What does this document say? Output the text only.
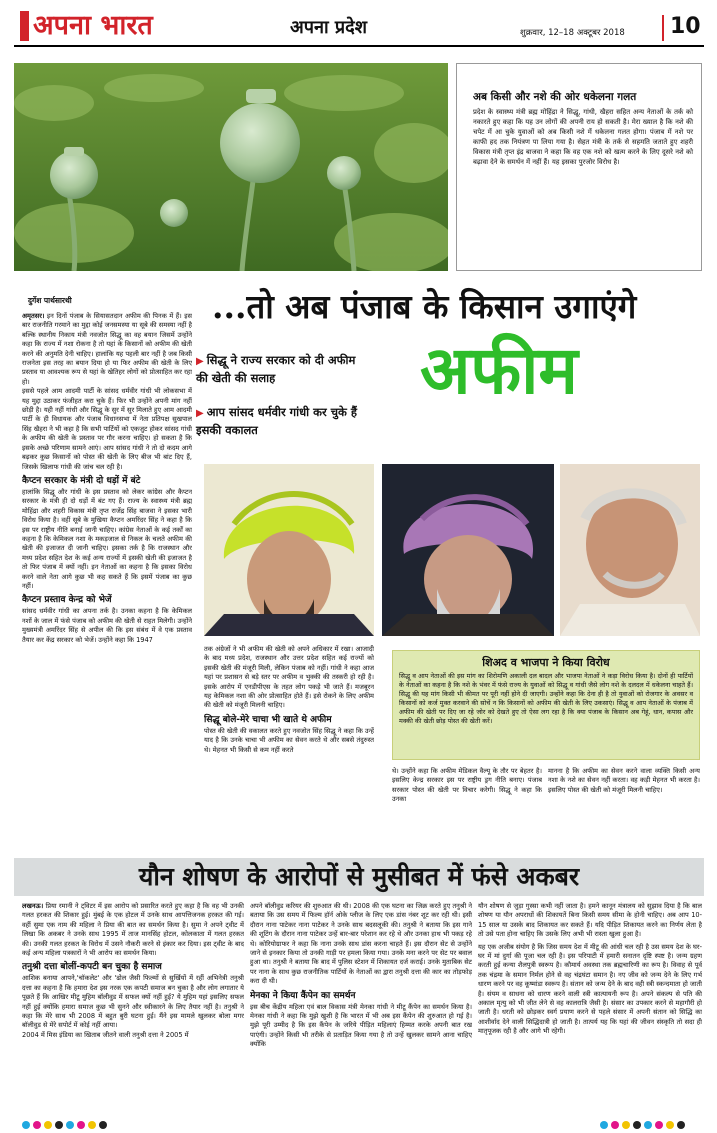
अपना भारत	अपना प्रदेश	शुक्रवार, 12–18 अक्टूबर 2018 10
अब किसी और नशे की ओर धकेलना गलत

प्रदेश के स्वास्थ्य मंत्री ब्रह्म मोहिंद्रा ने सिद्धू, गांधी, खैहरा सहित अन्य नेताओं के तर्क को नकारते हुए कहा कि यह उन लोगों की अपनी राय हो सकती है। मेरा ख्याल है कि नशे की चपेट में आ चुके युवाओं को अब किसी नशे में धकेलना गलत होगा। पंजाब में नशे पर काफी हद तक नियंत्रण पा लिया गया है। सेहत मंत्री के तर्क से सहमति जताते हुए शहरी विकास मंत्री तृप्त इंद्र बाजवा ने कहा कि वह एक नशे को खत्म करने के लिए दूसरे नशे को बढ़ावा देने के समर्थन में नहीं हैं। यह इसका पुरजोर विरोध है।

दुर्गेश पार्थसारथी	...तो अब पंजाब के किसान उगाएंगे
▶ सिद्धू ने राज्य सरकार को दी अफीम की खेती की सलाह
▶ आप सांसद धर्मवीर गांधी कर चुके हैं इसकी वकालत
अफीम

अमृतसर। इन दिनों पंजाब के सियासतदान अफीम की पिनक में हैं। इस बार राजनीति गरमाने का मुद्दा कोई जनसमस्या या सूबे की समस्या नहीं है बल्कि स्थानीय निकाय मंत्री नवजोत सिद्धू का वह बयान जिसमें उन्होंने कहा कि राज्य में नशा रोकना है तो यहां के किसानों को अफीम की खेती करने की अनुमति देनी चाहिए। हालांकि यह पहली बार नहीं है जब किसी राजनेता इस तरह का बयान दिया हो या फिर अफीम की खेती के लिए प्रस्ताव या आवश्यक रूप से यहां के खेतिहर लोगों को प्रोत्साहित कर रहा हो।

इससे पहले आम आदमी पार्टी के सांसद धर्मवीर गांधी भी लोकसभा में यह मुद्दा उठाकर फंजीहत करा चुके हैं। फिर भी उन्होंने अपनी मांग नहीं छोड़ी है। यही नहीं गांधी और सिद्धू के सुर में सुर मिलाते हुए आम आदमी पार्टी के ही विधायक और पंजाब विधानसभा में नेता प्रतिपक्ष सुखपाल सिंह खैहरा ने भी कहा है कि सभी पार्टियों को एकजुट होकर सांसद गांधी के अफीम की खेती के प्रस्ताव पर गौर करना चाहिए। हो सकता है कि इसके अच्छे परिणाम सामने आएं। आप सांसद गांधी ने तो दो कदम आगे बढ़कर कुछ किसानों को पोस्त की खेती के लिए बीज भी बांट दिए हैं, जिसके खिलाफ गांधी की जांच चल रही है।

कैप्टन सरकार के मंत्री दो धड़ों में बंटे

हालांकि सिद्धू और गांधी के इस प्रस्ताव को लेकर कांग्रेस और कैप्टन सरकार के मंत्री ही दो धड़ों में बंट गए हैं। राज्य के स्वास्थ्य मंत्री ब्रह्म मोहिंद्रा और शहरी विकास मंत्री तृप्त राजेंद्र सिंह बाजवा ने इसका भारी विरोध किया है। वहीं सूबे के मुखिया कैप्टन अमरिंदर सिंह ने कहा है कि इस पर राष्ट्रीय नीति बनाई जानी चाहिए। कांग्रेस नेताओं के कई तर्कों का कहना है कि केमिकल नशा के मकड़जाल से निकल के चलते अफीम की खेती की इजाजत दी जानी चाहिए। इसका तर्क है कि राजस्थान और मध्य प्रदेश सहित देश के कई अन्य राज्यों में इसकी खेती की इजाजत है तो फिर पंजाब में क्यों नहीं। इन नेताओं का कहना है कि इसका विरोध करने वाले नेता आगे कुछ भी कह सकते हैं कि इसमें पंजाब का कुछ नहीं।

कैप्टन प्रस्ताव केन्द्र को भेजें

सांसद धर्मवीर गांधी का अपना तर्क है। उनका कहना है कि केमिकल नशों के जाल में फंसे पंजाब को अफीम की खेती से राहत मिलेगी। उन्होंने मुख्यमंत्री अमरिंदर सिंह से अपील की कि इस संबंध में वे एक प्रस्ताव तैयार कर केंद्र सरकार को भेजें। उन्होंने कहा कि 1947

तक अंग्रेजों ने भी अफीम की खेती को अपने अधिकार में रखा। आजादी के बाद मध्य प्रदेश, राजस्थान और उत्तर प्रदेश सहित कई राज्यों को इसकी खेती की मंजूरी मिली, लेकिन पंजाब को नहीं। गांधी ने कहा आज यहां पर प्रशासन से बड़े स्तर पर अफीम व भुक्की की तस्करी हो रही है। इसके आरोप में एनडीपीएस के तहत लोग पकड़े भी जाते हैं। मजबूरन यह केमिकल नशा की ओर प्रोत्साहित होते हैं। इसे रोकने के लिए अफीम की खेती को मंजूरी मिलनी चाहिए।

सिद्धू बोले-मेरे चाचा भी खाते थे अफीम

पोस्त की खेती की वकालत करते हुए नवजोत सिंह सिद्धू ने कहा कि उन्हें याद है कि उनके चाचा भी अफीम का सेवन करते थे और सबसे तंदुरुस्त थे। मेहनत भी किसी से कम नहीं करते

शिअद व भाजपा ने किया विरोध

सिद्धू व आप नेताओं की इस मांग का शिरोमणि अकाली दल बादल और भाजपा नेताओं ने कड़ा विरोध किया है। दोनों ही पार्टियों के नेताओं का कहना है कि नशे के भंवर में फंसे राज्य के युवाओं को सिद्धू व गांधी जैसे लोग नशे के दलदल में धकेलना चाहते हैं। सिद्धू की यह मांग किसी भी कीमत पर पूरी नहीं होने दी जाएगी। उन्होंने कहा कि देना ही है तो युवाओं को रोजगार के अवसर व किसानों को कर्ज मुक्त करवाने की सोचें न कि किसानों को अफीम की खेती के लिए उकसाएं। सिद्धू व आप नेताओं के पंजाब में अफीम की खेती पर दिए जा रहे जोर को देखते हुए तो ऐसा लग रहा है कि क्या पंजाब के किसान अब गेहूं, धान, कपास और मक्की की खेती छोड़ पोस्त की खेती करें।

थे। उन्होंने कहा कि अफीम मेडिकल वैल्यू के तौर पर बेहतर है। इसलिए केन्द्र सरकार इस पर राष्ट्रीय ड्रग नीति बनाए। पंजाब सरकार पोस्त की खेती पर विचार करेगी। सिद्धू ने कहा कि उनका

मानना है कि अफीम का सेवन करने वाला व्यक्ति किसी अन्य नशा के नशे का सेवन नहीं करता। वह कड़ी मेहनत भी करता है। इसलिए पोस्त की खेती को मंजूरी मिलनी चाहिए।

यौन शोषण के आरोपों से मुसीबत में फंसे अकबर

लखनऊ। प्रिया रमानी ने ट्विटर में इस आरोप को प्रसारित करते हुए कहा है कि वह भी उनकी गलत हरकत की शिकार हुई। मुंबई के एक होटल में उनके साथ आपत्तिजनक हरकत की गई। वहीं सुमा एक नाम की महिला ने प्रिया की बात का समर्थन किया है। सुमा ने अपने ट्वीट में लिखा कि अकबर ने उनके साथ 1995 में ताज मानसिंह होटल, कोलकाता में गलत हरकत की। उनकी गलत हरकत के विरोध में उसने नौकरी करने से इंकार कर दिया। इस ट्वीट के बाद कई अन्य महिला पत्रकारों ने भी आरोप का समर्थन किया।

तनुश्री दत्ता बोलीं-कपटी बन चुका है समाज

आशिक बनाया आपने,'चॉकलेट' और 'ढोल जैसी फिल्मों से सुर्खियों में रहीं अभिनेत्री तनुश्री दत्ता का कहना है कि हमारा देश इस नरक एक कपटी समाज बन चुका है और लोग लगातार ये पूछते हैं कि आखिर मीटू मुहिम बॉलीवुड में सफल क्यों नहीं हुई? ये मुहिम यहां इसलिए सफल नहीं हुई क्योंकि हमारा समाज कुछ भी सुनने और स्वीकारने के लिए तैयार नहीं है। तनुश्री ने कहा कि मेरे साथ भी 2008 में बहुत बुरी घटना हुई। मैंने इस मामले खुलकर बोला मगर बॉलीवुड से मेरे सपोर्ट में कोई नहीं आया।

2004 में मिस इंडिया का खिताब जीतने वाली तनुश्री दत्ता ने 2005 में

अपने बॉलीवुड करियर की शुरुआत की थी। 2008 की एक घटना का जिक्र करते हुए तनुश्री ने बताया कि उस समय में फिल्म हॉर्न ओके प्लीज के लिए एक डांस नंबर शूट कर रही थी। इसी दौरान नाना पाटेकर नाना पाटेकर ने उनके साथ बदसलूकी की। तनुश्री ने बताया कि इस गाने की शूटिंग के दौरान नाना पाटेकर उन्हें बार-बार परेशान कर रहे थे और उनका हाथ भी पकड़ रहे थे। कोरियोग्राफर ने कहा कि नाना उनके साथ डांस करना चाहते हैं। इस दौरान सेट से उन्होंने जाने से इनकार किया तो उनकी गाड़ी पर हमला किया गया। उनके मना करने पर सेट पर बवाल हुआ था। तनुश्री ने बताया कि बाद में पुलिस स्टेशन में शिकायत दर्ज कराई। उनके मुताबिक सेट पर नाना के साथ कुछ राजनीतिक पार्टियों के नेताओं का द्वारा तनुश्री दत्ता की कार का तोड़फोड़ करा दी थी।

मेनका ने किया कैंपेन का समर्थन

इस बीच केंद्रीय महिला एवं बाल विकास मंत्री मेनका गांधी ने मीटू कैंपेन का समर्थन किया है। मेनका गांधी ने कहा कि मुझे खुशी है कि भारत में भी अब इस कैंपेन की शुरुआत हो गई है। मुझे पूरी उम्मीद है कि इस कैंपेन के जरिये पीड़ित महिलाएं हिम्मत करके अपनी बात रख पाएंगी। उन्होंने किसी भी तरीके से प्रताड़ित किया गया है तो उन्हें खुलकर सामने आना चाहिए क्योंकि

यौन शोषण से जुड़ा गुस्सा कभी नहीं जाता है। हमने कानून मंत्रालय को सुझाव दिया है कि बाल शोषण या यौन अपराधों की शिकायतें बिना किसी समय सीमा के होनी चाहिए। अब आप 10-15 साल या उसके बाद शिकायत कर सकते हैं। यदि पीड़ित शिकायत करने का निर्णय लेता है तो उसे पता होना चाहिए कि उसके लिए अभी भी रास्ता खुला हुआ है।

यह एक अजीब संयोग है कि जिस समय देश में मीटू की आंधी चल रही है उस समय देश के घर-घर में मां दुर्गा की पूजा चल रही है। इस परिपाटी में हमारी सनातन दृष्टि स्पष्ट है। जन्म ग्रहण करती हुई कन्या शैलपुत्री स्वरूप है। कौमार्य अवस्था तक ब्रह्मचारिणी का रूप है। विवाह से पूर्व तक चंद्रमा के समान निर्मल होने से वह चंद्रघंटा समान है। नए जीव को जन्म देने के लिए गर्भ धारण करने पर वह कूष्मांडा स्वरूप है। संतान को जन्म देने के बाद वही स्त्री स्कन्दमाता हो जाती है। संयम व साधना को धारण करने वाली स्त्री कात्यायनी रूप है। अपने संकल्प से पति की अकाल मृत्यु को भी जीत लेने से वह कालरात्रि जैसी है। संसार का उपकार करने से महागौरी हो जाती है। धरती को छोड़कर स्वर्ग प्रयाण करने से पहले संसार में अपनी संतान को सिद्धि का आशीर्वाद देने वाली सिद्धिदात्री हो जाती है। तात्पर्य यह कि यहां की जीवन संस्कृति तो सदा ही मातृपूजक रही है और आगे भी रहेगी।
